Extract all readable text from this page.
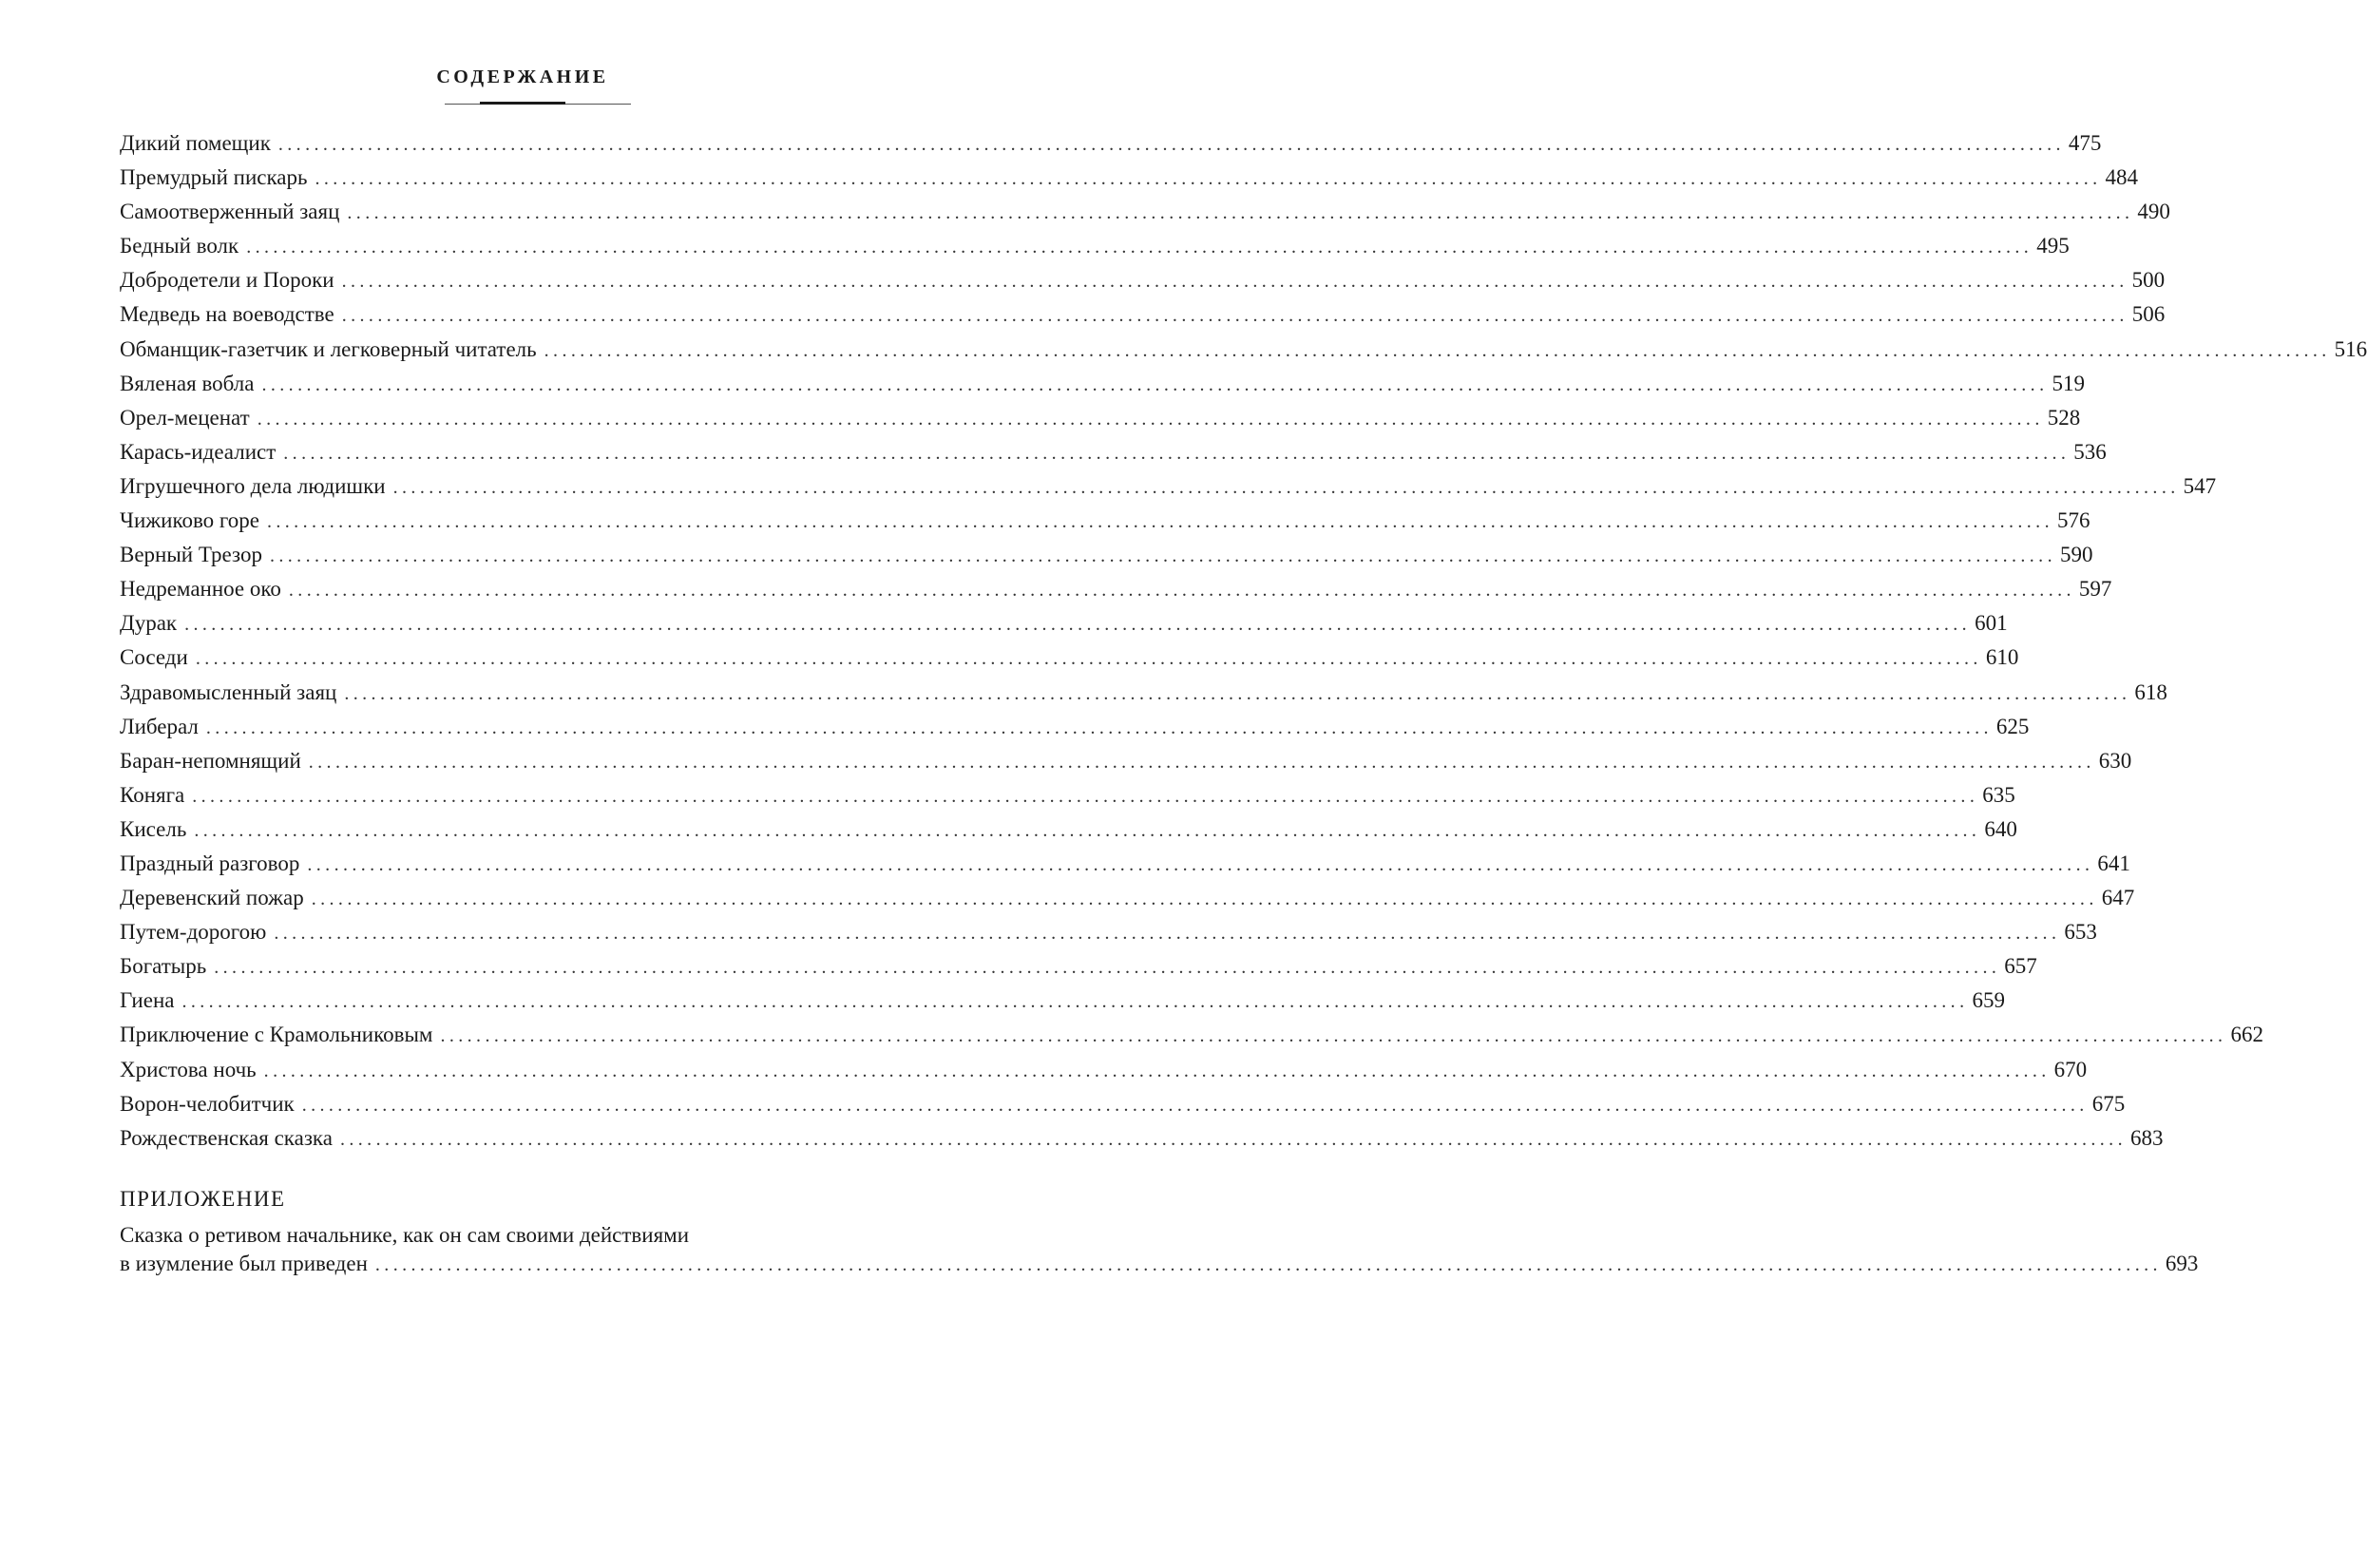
СОДЕРЖАНИЕ
Дикий помещик ........................................................................................................................................................................................................ 475
Премудрый пискарь ........................................................................................................................................................................................................ 484
Самоотверженный заяц ........................................................................................................................................................................................................ 490
Бедный волк ........................................................................................................................................................................................................ 495
Добродетели и Пороки ........................................................................................................................................................................................................ 500
Медведь на воеводстве ........................................................................................................................................................................................................ 506
Обманщик-газетчик и легковерный читатель ........................................................................................................................................................................................................ 516
Вяленая вобла ........................................................................................................................................................................................................ 519
Орел-меценат ........................................................................................................................................................................................................ 528
Карась-идеалист ........................................................................................................................................................................................................ 536
Игрушечного дела людишки ........................................................................................................................................................................................................ 547
Чижиково горе ........................................................................................................................................................................................................ 576
Верный Трезор ........................................................................................................................................................................................................ 590
Недреманное око ........................................................................................................................................................................................................ 597
Дурак ........................................................................................................................................................................................................ 601
Соседи ........................................................................................................................................................................................................ 610
Здравомысленный заяц ........................................................................................................................................................................................................ 618
Либерал ........................................................................................................................................................................................................ 625
Баран-непомнящий ........................................................................................................................................................................................................ 630
Коняга ........................................................................................................................................................................................................ 635
Кисель ........................................................................................................................................................................................................ 640
Праздный разговор ........................................................................................................................................................................................................ 641
Деревенский пожар ........................................................................................................................................................................................................ 647
Путем-дорогою ........................................................................................................................................................................................................ 653
Богатырь ........................................................................................................................................................................................................ 657
Гиена ........................................................................................................................................................................................................ 659
Приключение с Крамольниковым ........................................................................................................................................................................................................ 662
Христова ночь ........................................................................................................................................................................................................ 670
Ворон-челобитчик ........................................................................................................................................................................................................ 675
Рождественская сказка ........................................................................................................................................................................................................ 683
ПРИЛОЖЕНИЕ
Сказка о ретивом начальнике, как он сам своими действиями
в изумление был приведен ........................................................................................................................................................................................................ 693
